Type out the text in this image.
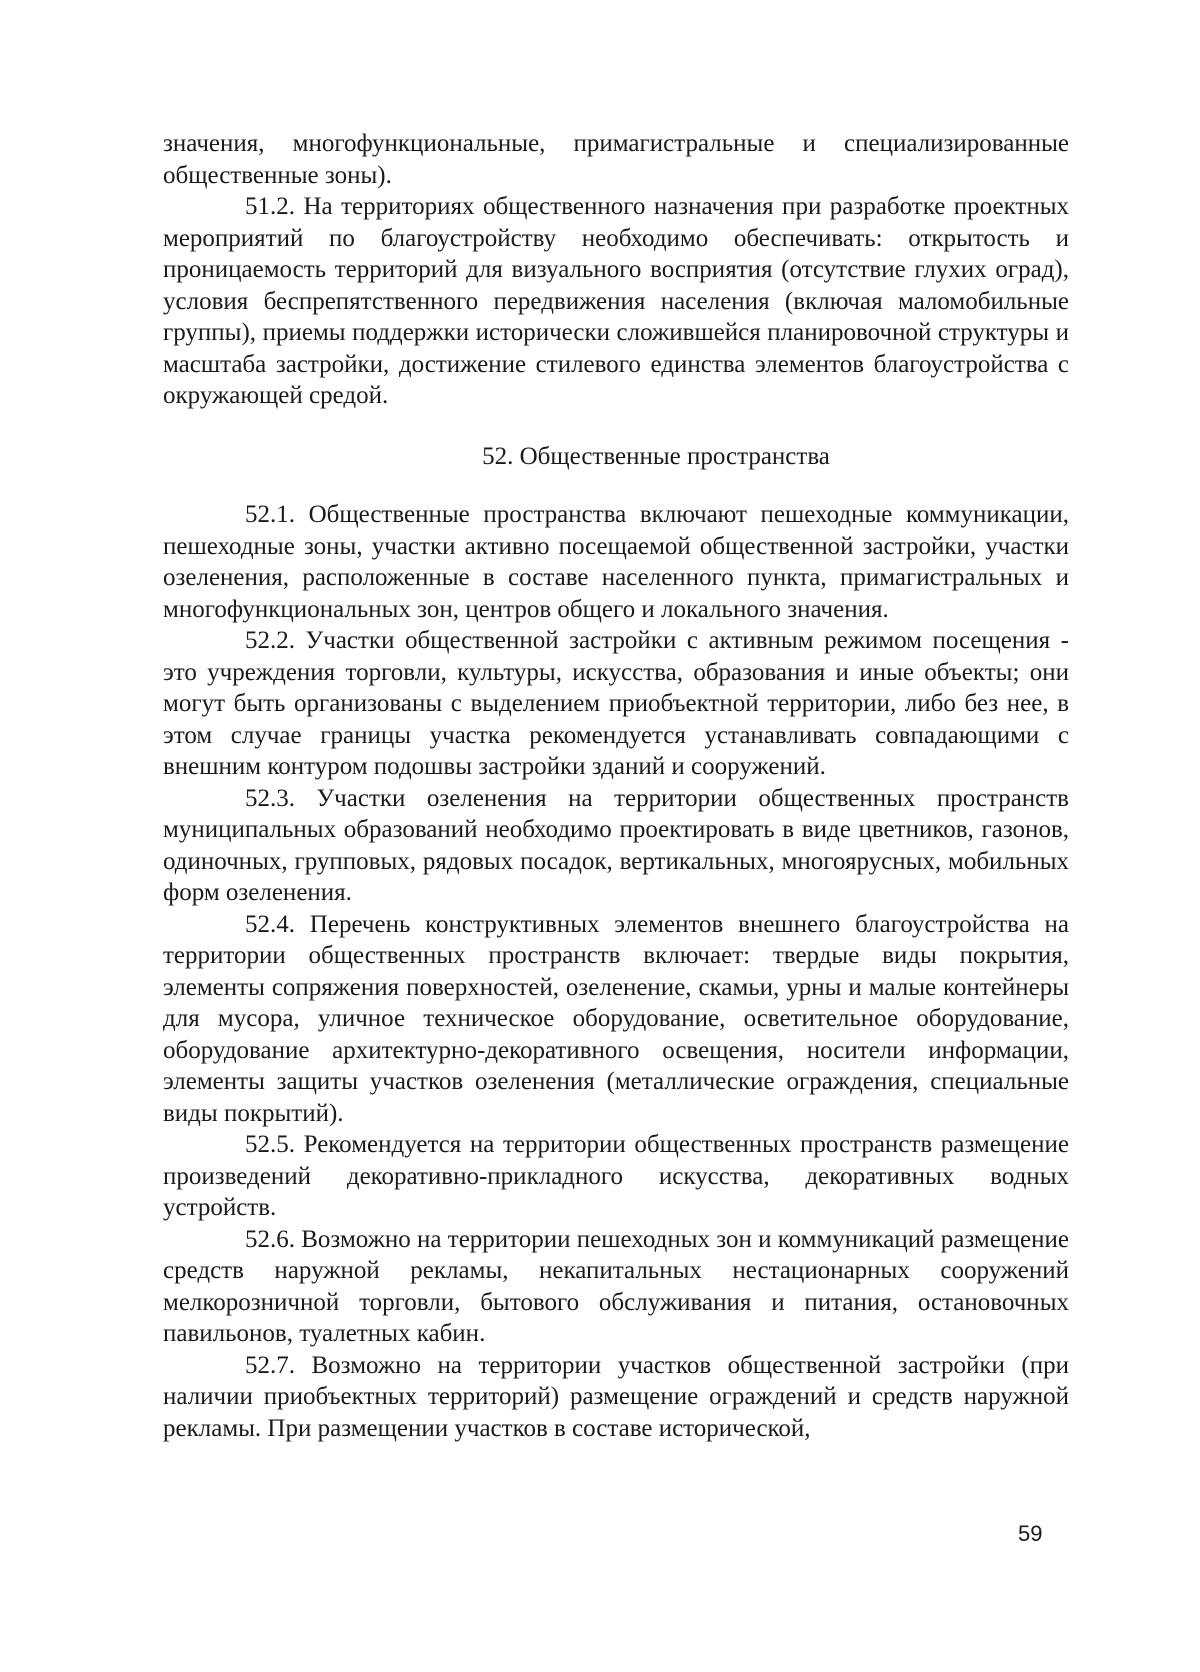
значения, многофункциональные, примагистральные и специализированные общественные зоны).

51.2. На территориях общественного назначения при разработке проектных мероприятий по благоустройству необходимо обеспечивать: открытость и проницаемость территорий для визуального восприятия (отсутствие глухих оград), условия беспрепятственного передвижения населения (включая маломобильные группы), приемы поддержки исторически сложившейся планировочной структуры и масштаба застройки, достижение стилевого единства элементов благоустройства с окружающей средой.

52. Общественные пространства

52.1. Общественные пространства включают пешеходные коммуникации, пешеходные зоны, участки активно посещаемой общественной застройки, участки озеленения, расположенные в составе населенного пункта, примагистральных и многофункциональных зон, центров общего и локального значения.

52.2. Участки общественной застройки с активным режимом посещения - это учреждения торговли, культуры, искусства, образования и иные объекты; они могут быть организованы с выделением приобъектной территории, либо без нее, в этом случае границы участка рекомендуется устанавливать совпадающими с внешним контуром подошвы застройки зданий и сооружений.

52.3. Участки озеленения на территории общественных пространств муниципальных образований необходимо проектировать в виде цветников, газонов, одиночных, групповых, рядовых посадок, вертикальных, многоярусных, мобильных форм озеленения.

52.4. Перечень конструктивных элементов внешнего благоустройства на территории общественных пространств включает: твердые виды покрытия, элементы сопряжения поверхностей, озеленение, скамьи, урны и малые контейнеры для мусора, уличное техническое оборудование, осветительное оборудование, оборудование архитектурно-декоративного освещения, носители информации, элементы защиты участков озеленения (металлические ограждения, специальные виды покрытий).

52.5. Рекомендуется на территории общественных пространств размещение произведений декоративно-прикладного искусства, декоративных водных устройств.

52.6. Возможно на территории пешеходных зон и коммуникаций размещение средств наружной рекламы, некапитальных нестационарных сооружений мелкорозничной торговли, бытового обслуживания и питания, остановочных павильонов, туалетных кабин.

52.7. Возможно на территории участков общественной застройки (при наличии приобъектных территорий) размещение ограждений и средств наружной рекламы. При размещении участков в составе исторической,

59
